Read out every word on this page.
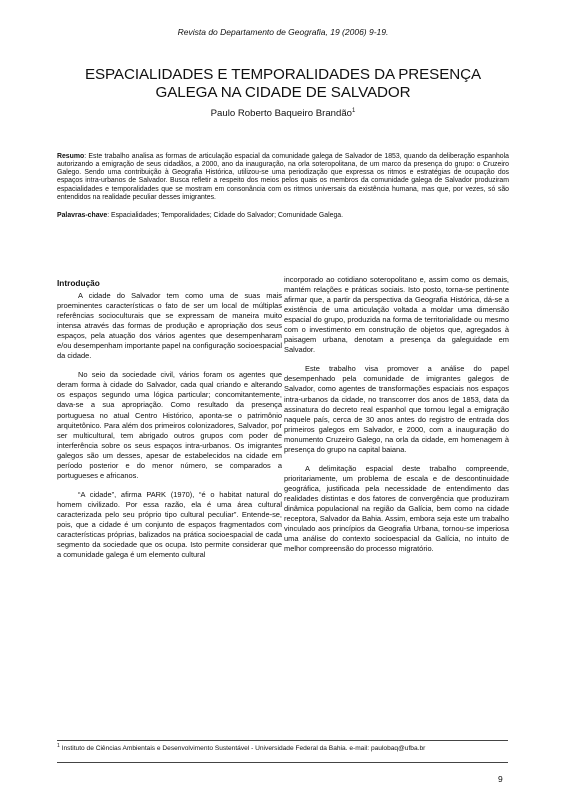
Revista do Departamento de Geografia, 19 (2006) 9-19.
ESPACIALIDADES E TEMPORALIDADES DA PRESENÇA
GALEGA NA CIDADE DE SALVADOR
Paulo Roberto Baqueiro Brandão$^1$
Resumo: Este trabalho analisa as formas de articulação espacial da comunidade galega de Salvador de 1853, quando da deliberação espanhola autorizando a emigração de seus cidadãos, a 2000, ano da inauguração, na orla soteropolitana, de um marco da presença do grupo: o Cruzeiro Galego. Sendo uma contribuição à Geografia Histórica, utilizou-se uma periodização que expressa os ritmos e estratégias de ocupação dos espaços intra-urbanos de Salvador. Busca refletir a respeito dos meios pelos quais os membros da comunidade galega de Salvador produziram espacialidades e temporalidades que se mostram em consonância com os ritmos universais da existência humana, mas que, por vezes, só são entendidos na realidade peculiar desses imigrantes.
Palavras-chave: Espacialidades; Temporalidades; Cidade do Salvador; Comunidade Galega.
Introdução

A cidade do Salvador tem como uma de suas mais proeminentes características o fato de ser um local de múltiplas referências socioculturais que se expressam de maneira muito intensa através das formas de produção e apropriação dos seus espaços, pela atuação dos vários agentes que desempenharam e/ou desempenham importante papel na configuração socioespacial da cidade.

No seio da sociedade civil, vários foram os agentes que deram forma à cidade do Salvador, cada qual criando e alterando os espaços segundo uma lógica particular; concomitantemente, dava-se a sua apropriação. Como resultado da presença portuguesa no atual Centro Histórico, aponta-se o patrimônio arquitetônico. Para além dos primeiros colonizadores, Salvador, por ser multicultural, tem abrigado outros grupos com poder de interferência sobre os seus espaços intra-urbanos. Os imigrantes galegos são um desses, apesar de estabelecidos na cidade em período posterior e do menor número, se comparados a portugueses e africanos.

“A cidade”, afirma PARK (1970), “é o habitat natural do homem civilizado. Por essa razão, ela é uma área cultural caracterizada pelo seu próprio tipo cultural peculiar”. Entende-se, pois, que a cidade é um conjunto de espaços fragmentados com características próprias, balizados na prática socioespacial de cada segmento da sociedade que os ocupa. Isto permite considerar que a comunidade galega é um elemento cultural

incorporado ao cotidiano soteropolitano e, assim como os demais, mantém relações e práticas sociais. Isto posto, torna-se pertinente afirmar que, a partir da perspectiva da Geografia Histórica, dá-se a existência de uma articulação voltada a moldar uma dimensão espacial do grupo, produzida na forma de territorialidade ou mesmo com o investimento em construção de objetos que, agregados à paisagem urbana, denotam a presença da galeguidade em Salvador.

Este trabalho visa promover a análise do papel desempenhado pela comunidade de imigrantes galegos de Salvador, como agentes de transformações espaciais nos espaços intra-urbanos da cidade, no transcorrer dos anos de 1853, data da assinatura do decreto real espanhol que tornou legal a emigração naquele país, cerca de 30 anos antes do registro de entrada dos primeiros galegos em Salvador, e 2000, com a inauguração do monumento Cruzeiro Galego, na orla da cidade, em homenagem à presença do grupo na capital baiana.

A delimitação espacial deste trabalho compreende, prioritariamente, um problema de escala e de descontinuidade geográfica, justificada pela necessidade de entendimento das realidades distintas e dos fatores de convergência que produziram dinâmica populacional na região da Galícia, bem como na cidade receptora, Salvador da Bahia. Assim, embora seja este um trabalho vinculado aos princípios da Geografia Urbana, tornou-se imperiosa uma análise do contexto socioespacial da Galícia, no intuito de melhor compreensão do processo migratório.

$^1$ Instituto de Ciências Ambientais e Desenvolvimento Sustentável - Universidade Federal da Bahia. e-mail: paulobaq@ufba.br
9
